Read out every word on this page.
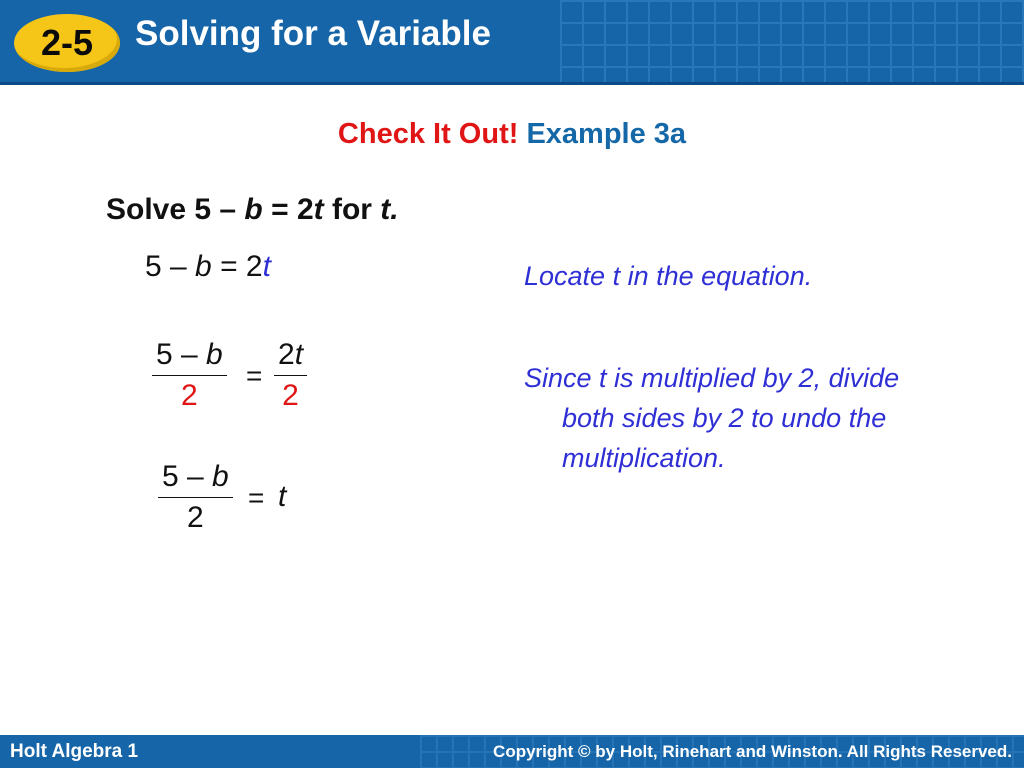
2-5	Solving for a Variable
Check It Out! Example 3a
Solve 5 – b = 2t for t.
5 – b = 2t
5 – b
2
=
2t
2
5 – b
2
= t
Locate t in the equation.
Since t is multiplied by 2, divide
both sides by 2 to undo the
multiplication.
Holt Algebra 1	Copyright © by Holt, Rinehart and Winston. All Rights Reserved.
